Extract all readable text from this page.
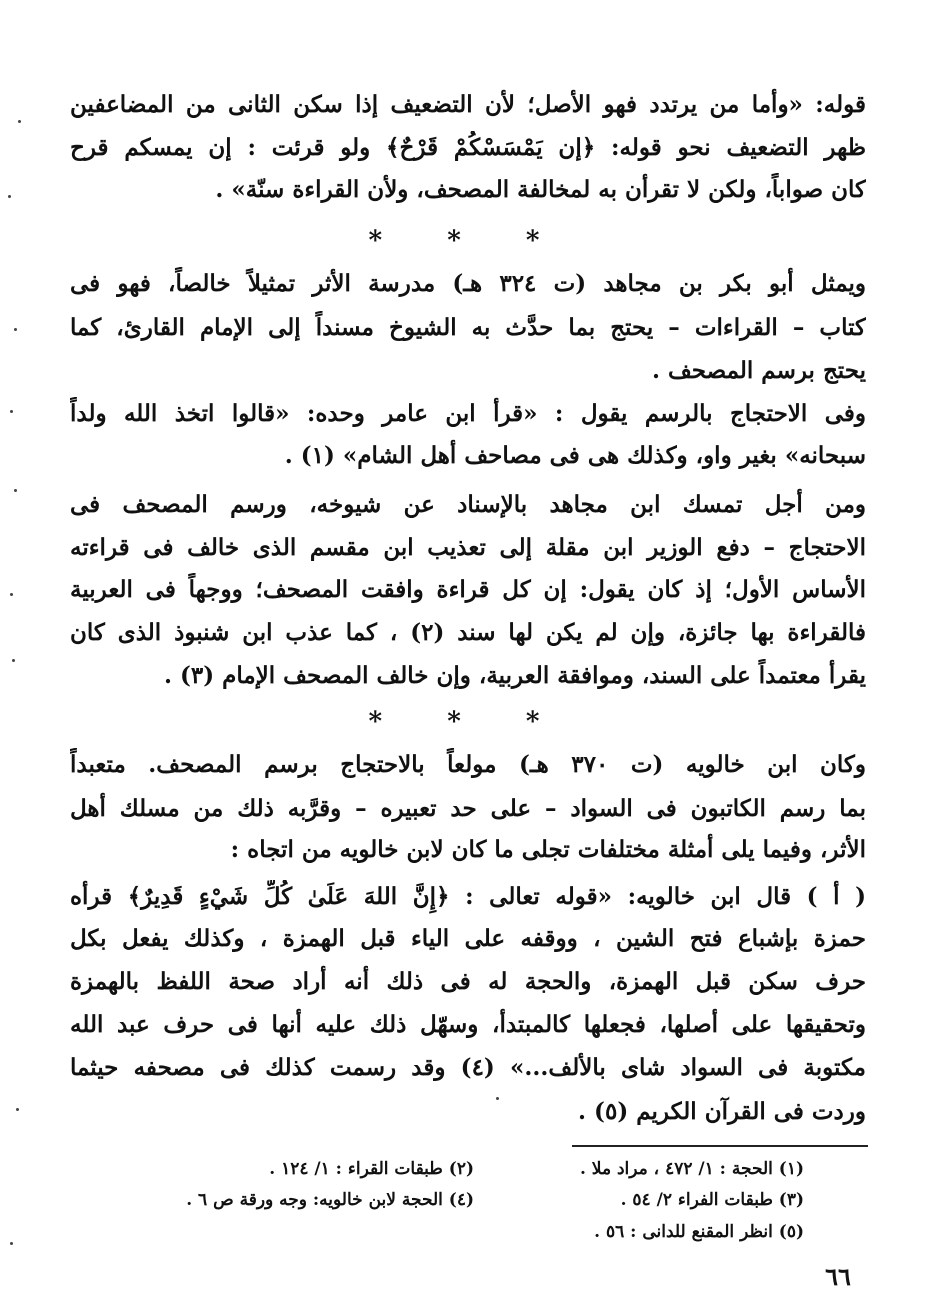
قوله: «وأما من يرتدد فهو الأصل؛ لأن التضعيف إذا سكن الثانى من المضاعفين
ظهر التضعيف نحو قوله: ﴿إن يَمْسَسْكُمْ قَرْحٌ﴾ ولو قرئت : إن يمسكم قرح
كان صواباً، ولكن لا تقرأن به لمخالفة المصحف، ولأن القراءة سنّة» .
* * *
ويمثل أبو بكر بن مجاهد (ت ٣٢٤ هـ) مدرسة الأثر تمثيلاً خالصاً، فهو فى
كتاب – القراءات – يحتج بما حدَّث به الشيوخ مسنداً إلى الإمام القارئ، كما
يحتج برسم المصحف .
وفى الاحتجاج بالرسم يقول : «قرأ ابن عامر وحده: «قالوا اتخذ الله ولداً
سبحانه» بغير واو، وكذلك هى فى مصاحف أهل الشام» (١) .
ومن أجل تمسك ابن مجاهد بالإسناد عن شيوخه، ورسم المصحف فى
الاحتجاج – دفع الوزير ابن مقلة إلى تعذيب ابن مقسم الذى خالف فى قراءته
الأساس الأول؛ إذ كان يقول: إن كل قراءة وافقت المصحف؛ ووجهاً فى العربية
فالقراءة بها جائزة، وإن لم يكن لها سند (٢) ، كما عذب ابن شنبوذ الذى كان
يقرأ معتمداً على السند، وموافقة العربية، وإن خالف المصحف الإمام (٣) .
* * *
وكان ابن خالويه (ت ٣٧٠ هـ) مولعاً بالاحتجاج برسم المصحف. متعبداً
بما رسم الكاتبون فى السواد – على حد تعبيره – وقرَّبه ذلك من مسلك أهل
الأثر، وفيما يلى أمثلة مختلفات تجلى ما كان لابن خالويه من اتجاه :
( أ ) قال ابن خالويه: «قوله تعالى : ﴿إِنَّ اللهَ عَلَىٰ كُلِّ شَيْءٍ قَدِيرٌ﴾ قرأه
حمزة بإشباع فتح الشين ، ووقفه على الياء قبل الهمزة ، وكذلك يفعل بكل
حرف سكن قبل الهمزة، والحجة له فى ذلك أنه أراد صحة اللفظ بالهمزة
وتحقيقها على أصلها، فجعلها كالمبتدأ، وسهّل ذلك عليه أنها فى حرف عبد الله
مكتوبة فى السواد شاى بالألف...» (٤) وقد رسمت كذلك فى مصحفه حيثما
وردت فى القرآن الكريم (٥) .
(١) الحجة : ١/ ٤٧٢ ، مراد ملا .
(٢) طبقات القراء : ١/ ١٢٤ .
(٣) طبقات الفراء ٢/ ٥٤ .
(٤) الحجة لابن خالويه: وجه ورقة ص ٦ .
(٥) انظر المقنع للدانى : ٥٦ .
٦٦
